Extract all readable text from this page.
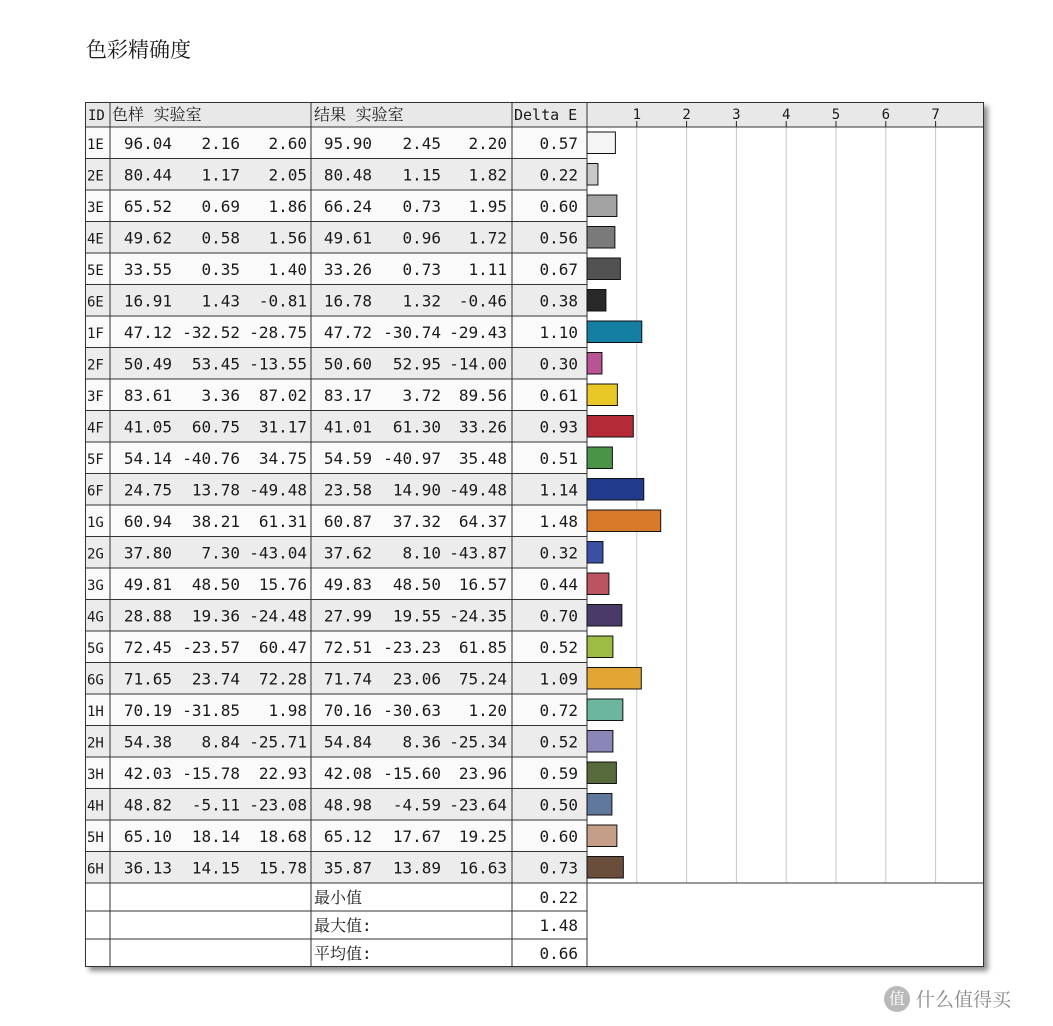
色彩精确度
1	2	3	4	5	6	7
ID 色样 实验室	结果 实验室	Delta E
1E 96.04 2.16 2.60 95.90 2.45 2.20 0.57
2E 80.44 1.17 2.05 80.48 1.15 1.82 0.22
3E 65.52 0.69 1.86 66.24 0.73 1.95 0.60
4E 49.62 0.58 1.56 49.61 0.96 1.72 0.56
5E 33.55 0.35 1.40 33.26 0.73 1.11 0.67
6E 16.91 1.43 -0.81 16.78 1.32 -0.46 0.38
1F 47.12 -32.52 -28.75 47.72 -30.74 -29.43 1.10
2F 50.49 53.45 -13.55 50.60 52.95 -14.00 0.30
3F 83.61 3.36 87.02 83.17 3.72 89.56 0.61
4F 41.05 60.75 31.17 41.01 61.30 33.26 0.93
5F 54.14 -40.76 34.75 54.59 -40.97 35.48 0.51
6F 24.75 13.78 -49.48 23.58 14.90 -49.48 1.14
1G 60.94 38.21 61.31 60.87 37.32 64.37 1.48
2G 37.80 7.30 -43.04 37.62 8.10 -43.87 0.32
3G 49.81 48.50 15.76 49.83 48.50 16.57 0.44
4G 28.88 19.36 -24.48 27.99 19.55 -24.35 0.70
5G 72.45 -23.57 60.47 72.51 -23.23 61.85 0.52
6G 71.65 23.74 72.28 71.74 23.06 75.24 1.09
1H 70.19 -31.85 1.98 70.16 -30.63 1.20 0.72
2H 54.38 8.84 -25.71 54.84 8.36 -25.34 0.52
3H 42.03 -15.78 22.93 42.08 -15.60 23.96 0.59
4H 48.82 -5.11 -23.08 48.98 -4.59 -23.64 0.50
5H 65.10 18.14 18.68 65.12 17.67 19.25 0.60
6H 36.13 14.15 15.78 35.87 13.89 16.63 0.73
最小值	0.22
最大值:	1.48
平均值:	0.66
值 什么值得买
